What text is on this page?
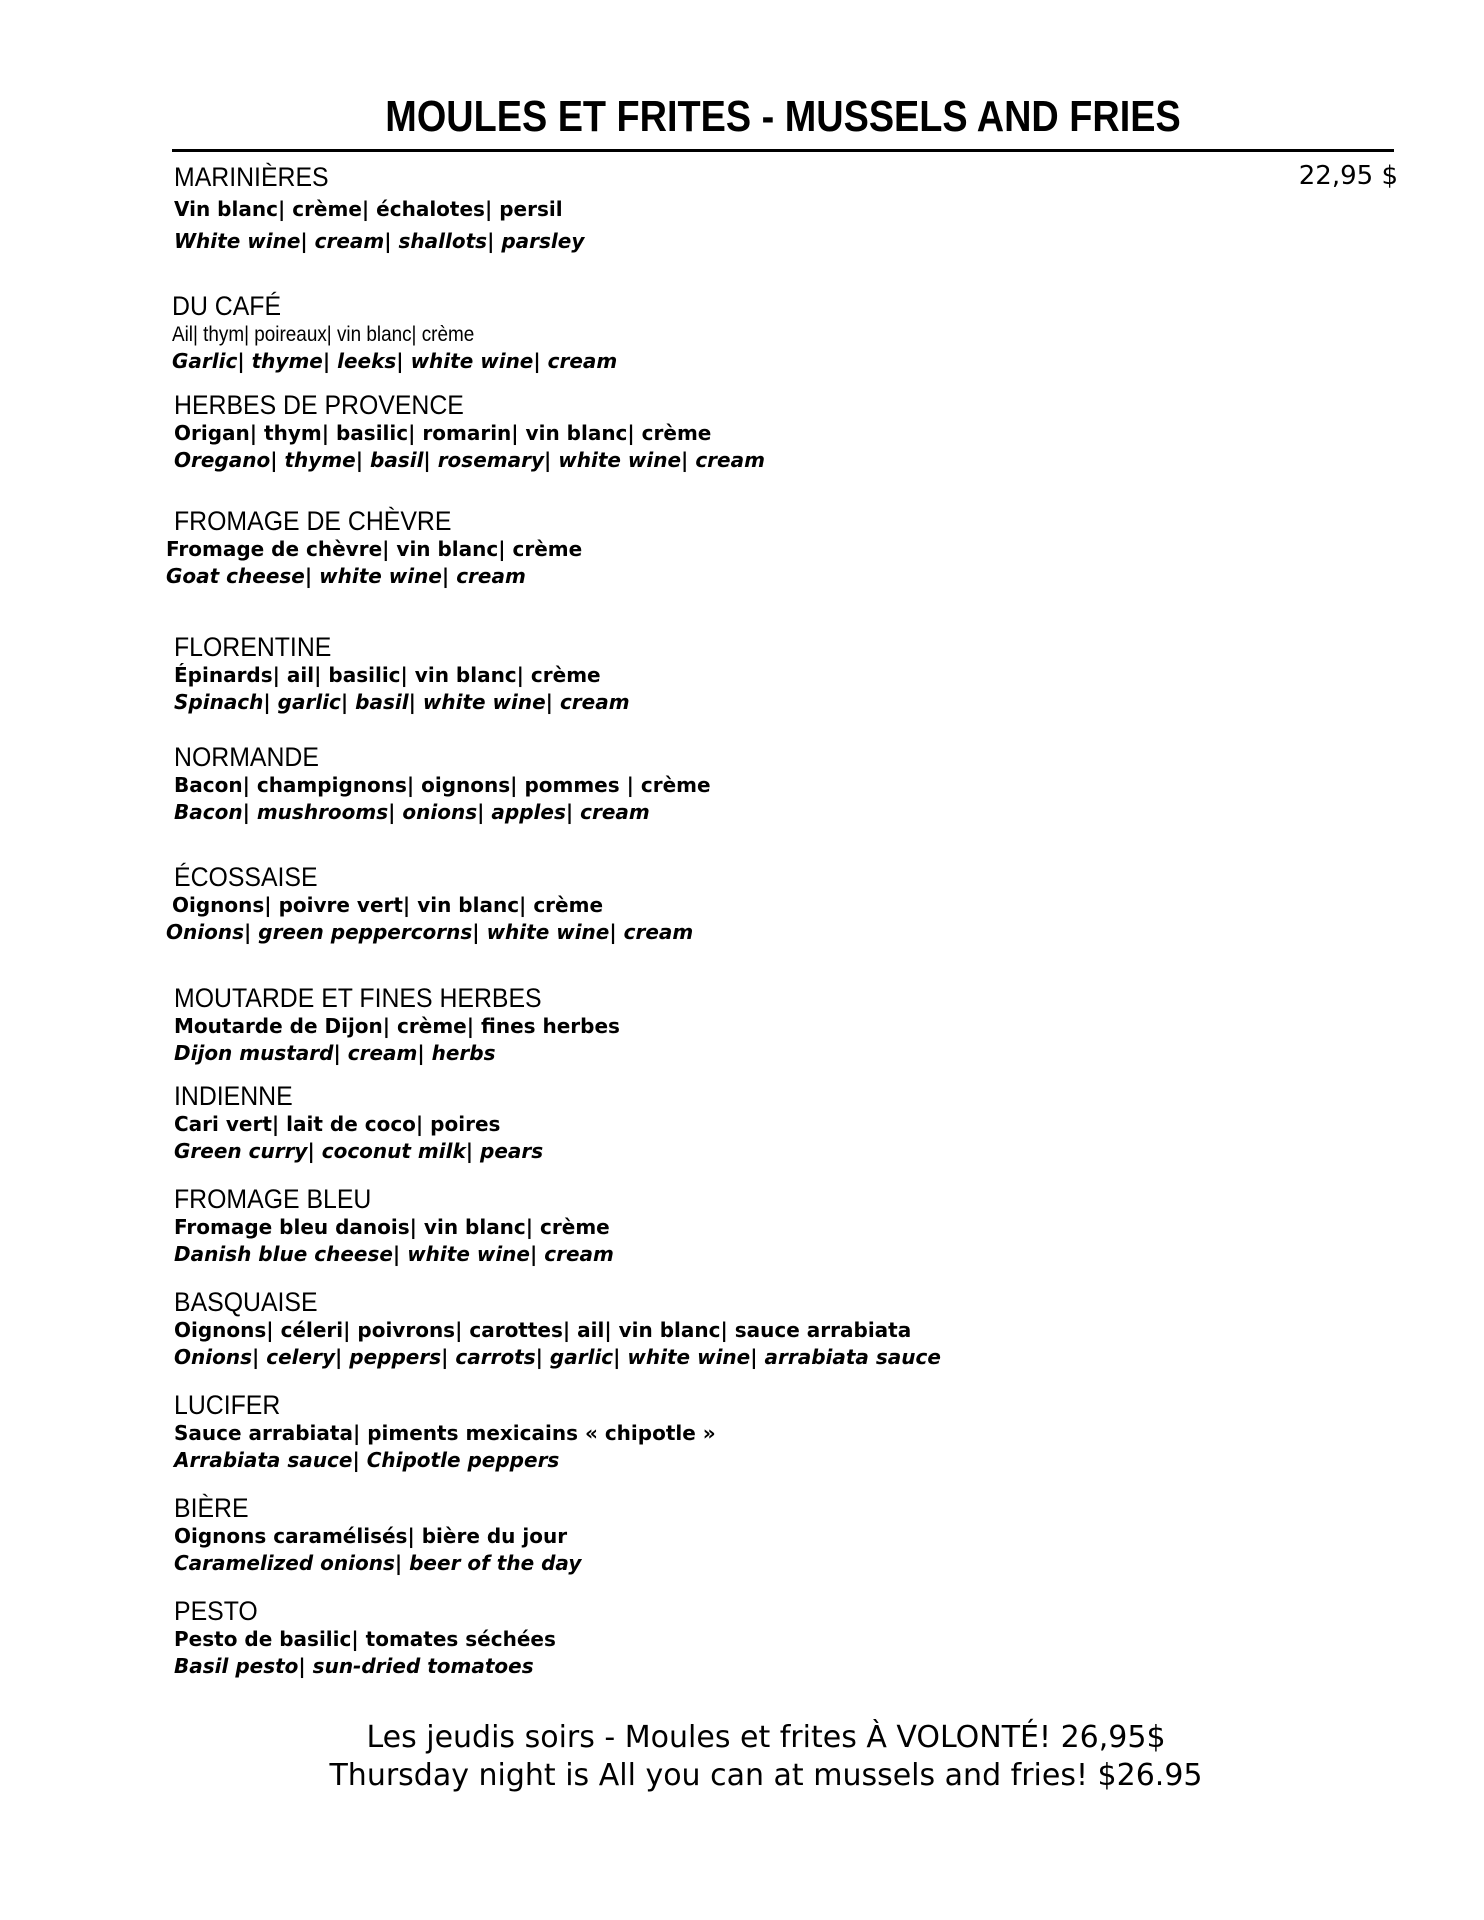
MOULES ET FRITES - MUSSELS AND FRIES
22,95 $
MARINIÈRES
Vin blanc| crème| échalotes| persil
White wine| cream| shallots| parsley
DU CAFÉ
Ail| thym| poireaux| vin blanc| crème
Garlic| thyme| leeks| white wine| cream
HERBES DE PROVENCE
Origan| thym| basilic| romarin| vin blanc| crème
Oregano| thyme| basil| rosemary| white wine| cream
FROMAGE DE CHÈVRE
Fromage de chèvre| vin blanc| crème
Goat cheese| white wine| cream
FLORENTINE
Épinards| ail| basilic| vin blanc| crème
Spinach| garlic| basil| white wine| cream
NORMANDE
Bacon| champignons| oignons| pommes | crème
Bacon| mushrooms| onions| apples| cream
ÉCOSSAISE
Oignons| poivre vert| vin blanc| crème
Onions| green peppercorns| white wine| cream
MOUTARDE ET FINES HERBES
Moutarde de Dijon| crème| fines herbes
Dijon mustard| cream| herbs
INDIENNE
Cari vert| lait de coco| poires
Green curry| coconut milk| pears
FROMAGE BLEU
Fromage bleu danois| vin blanc| crème
Danish blue cheese| white wine| cream
BASQUAISE
Oignons| céleri| poivrons| carottes| ail| vin blanc| sauce arrabiata
Onions| celery| peppers| carrots| garlic| white wine| arrabiata sauce
LUCIFER
Sauce arrabiata| piments mexicains « chipotle »
Arrabiata sauce| Chipotle peppers
BIÈRE
Oignons caramélisés| bière du jour
Caramelized onions| beer of the day
PESTO
Pesto de basilic| tomates séchées
Basil pesto| sun-dried tomatoes
Les jeudis soirs - Moules et frites À VOLONTÉ! 26,95$
Thursday night is All you can at mussels and fries! $26.95
